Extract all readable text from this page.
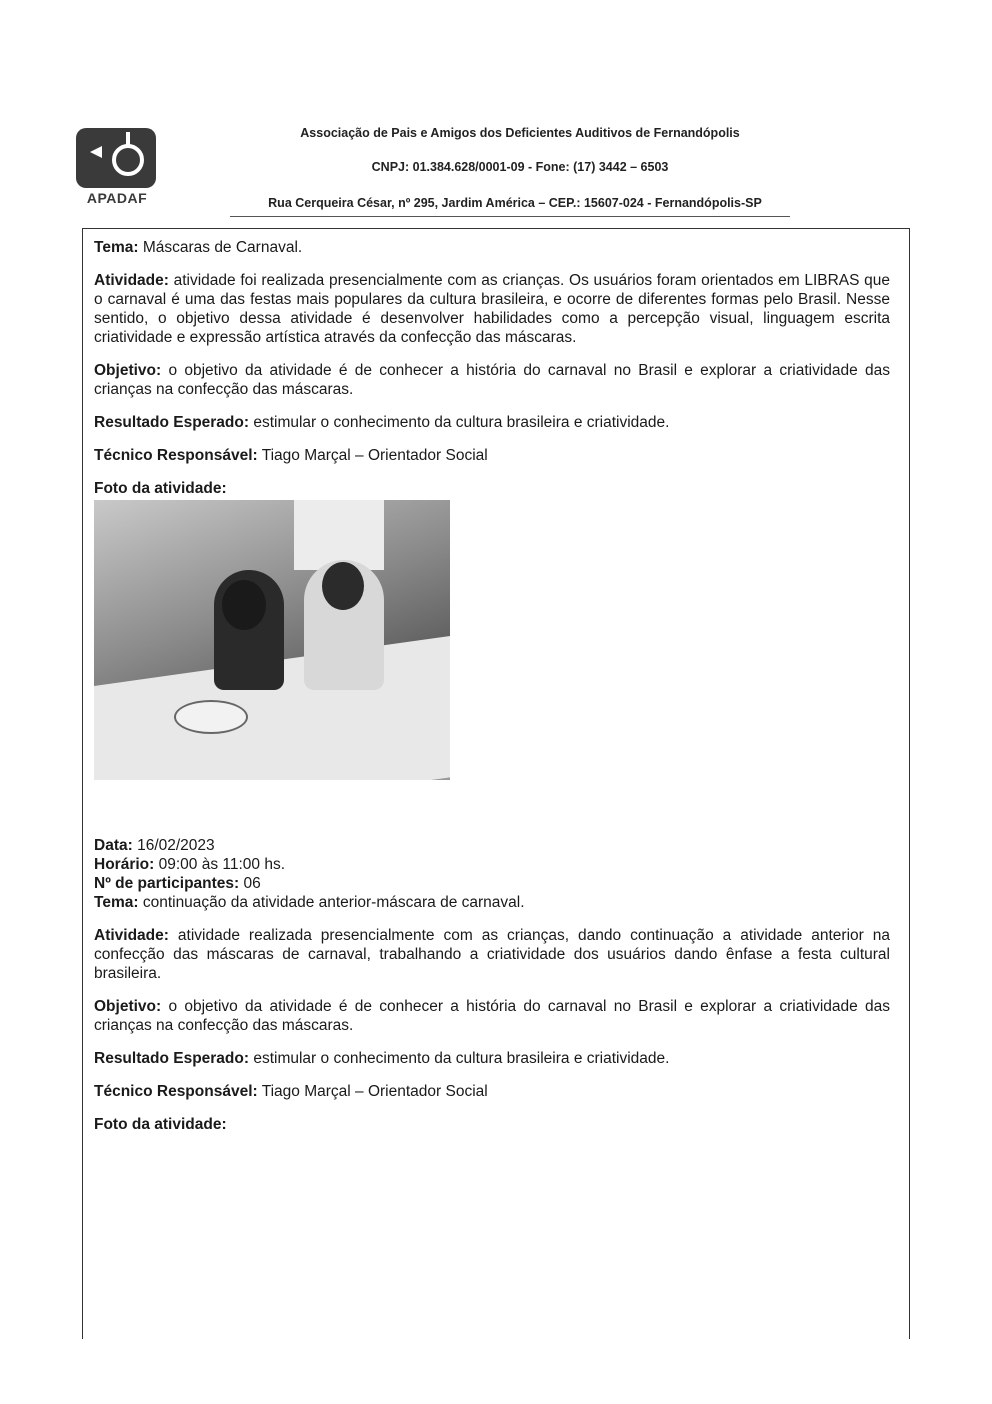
APADAF
Associação de Pais e Amigos dos Deficientes Auditivos de Fernandópolis
CNPJ: 01.384.628/0001-09 - Fone: (17) 3442 – 6503
Rua Cerqueira César, nº 295, Jardim América – CEP.: 15607-024 - Fernandópolis-SP

Tema: Máscaras de Carnaval.

Atividade: atividade foi realizada presencialmente com as crianças. Os usuários foram orientados em LIBRAS que o carnaval é uma das festas mais populares da cultura brasileira, e ocorre de diferentes formas pelo Brasil. Nesse sentido, o objetivo dessa atividade é desenvolver habilidades como a percepção visual, linguagem escrita criatividade e expressão artística através da confecção das máscaras.

Objetivo: o objetivo da atividade é de conhecer a história do carnaval no Brasil e explorar a criatividade das crianças na confecção das máscaras.

Resultado Esperado: estimular o conhecimento da cultura brasileira e criatividade.

Técnico Responsável: Tiago Marçal – Orientador Social

Foto da atividade:

Data: 16/02/2023

Horário: 09:00 às 11:00 hs.

Nº de participantes: 06

Tema: continuação da atividade anterior-máscara de carnaval.

Atividade: atividade realizada presencialmente com as crianças, dando continuação a atividade anterior na confecção das máscaras de carnaval, trabalhando a criatividade dos usuários dando ênfase a festa cultural brasileira.

Objetivo: o objetivo da atividade é de conhecer a história do carnaval no Brasil e explorar a criatividade das crianças na confecção das máscaras.

Resultado Esperado: estimular o conhecimento da cultura brasileira e criatividade.

Técnico Responsável: Tiago Marçal – Orientador Social

Foto da atividade:
